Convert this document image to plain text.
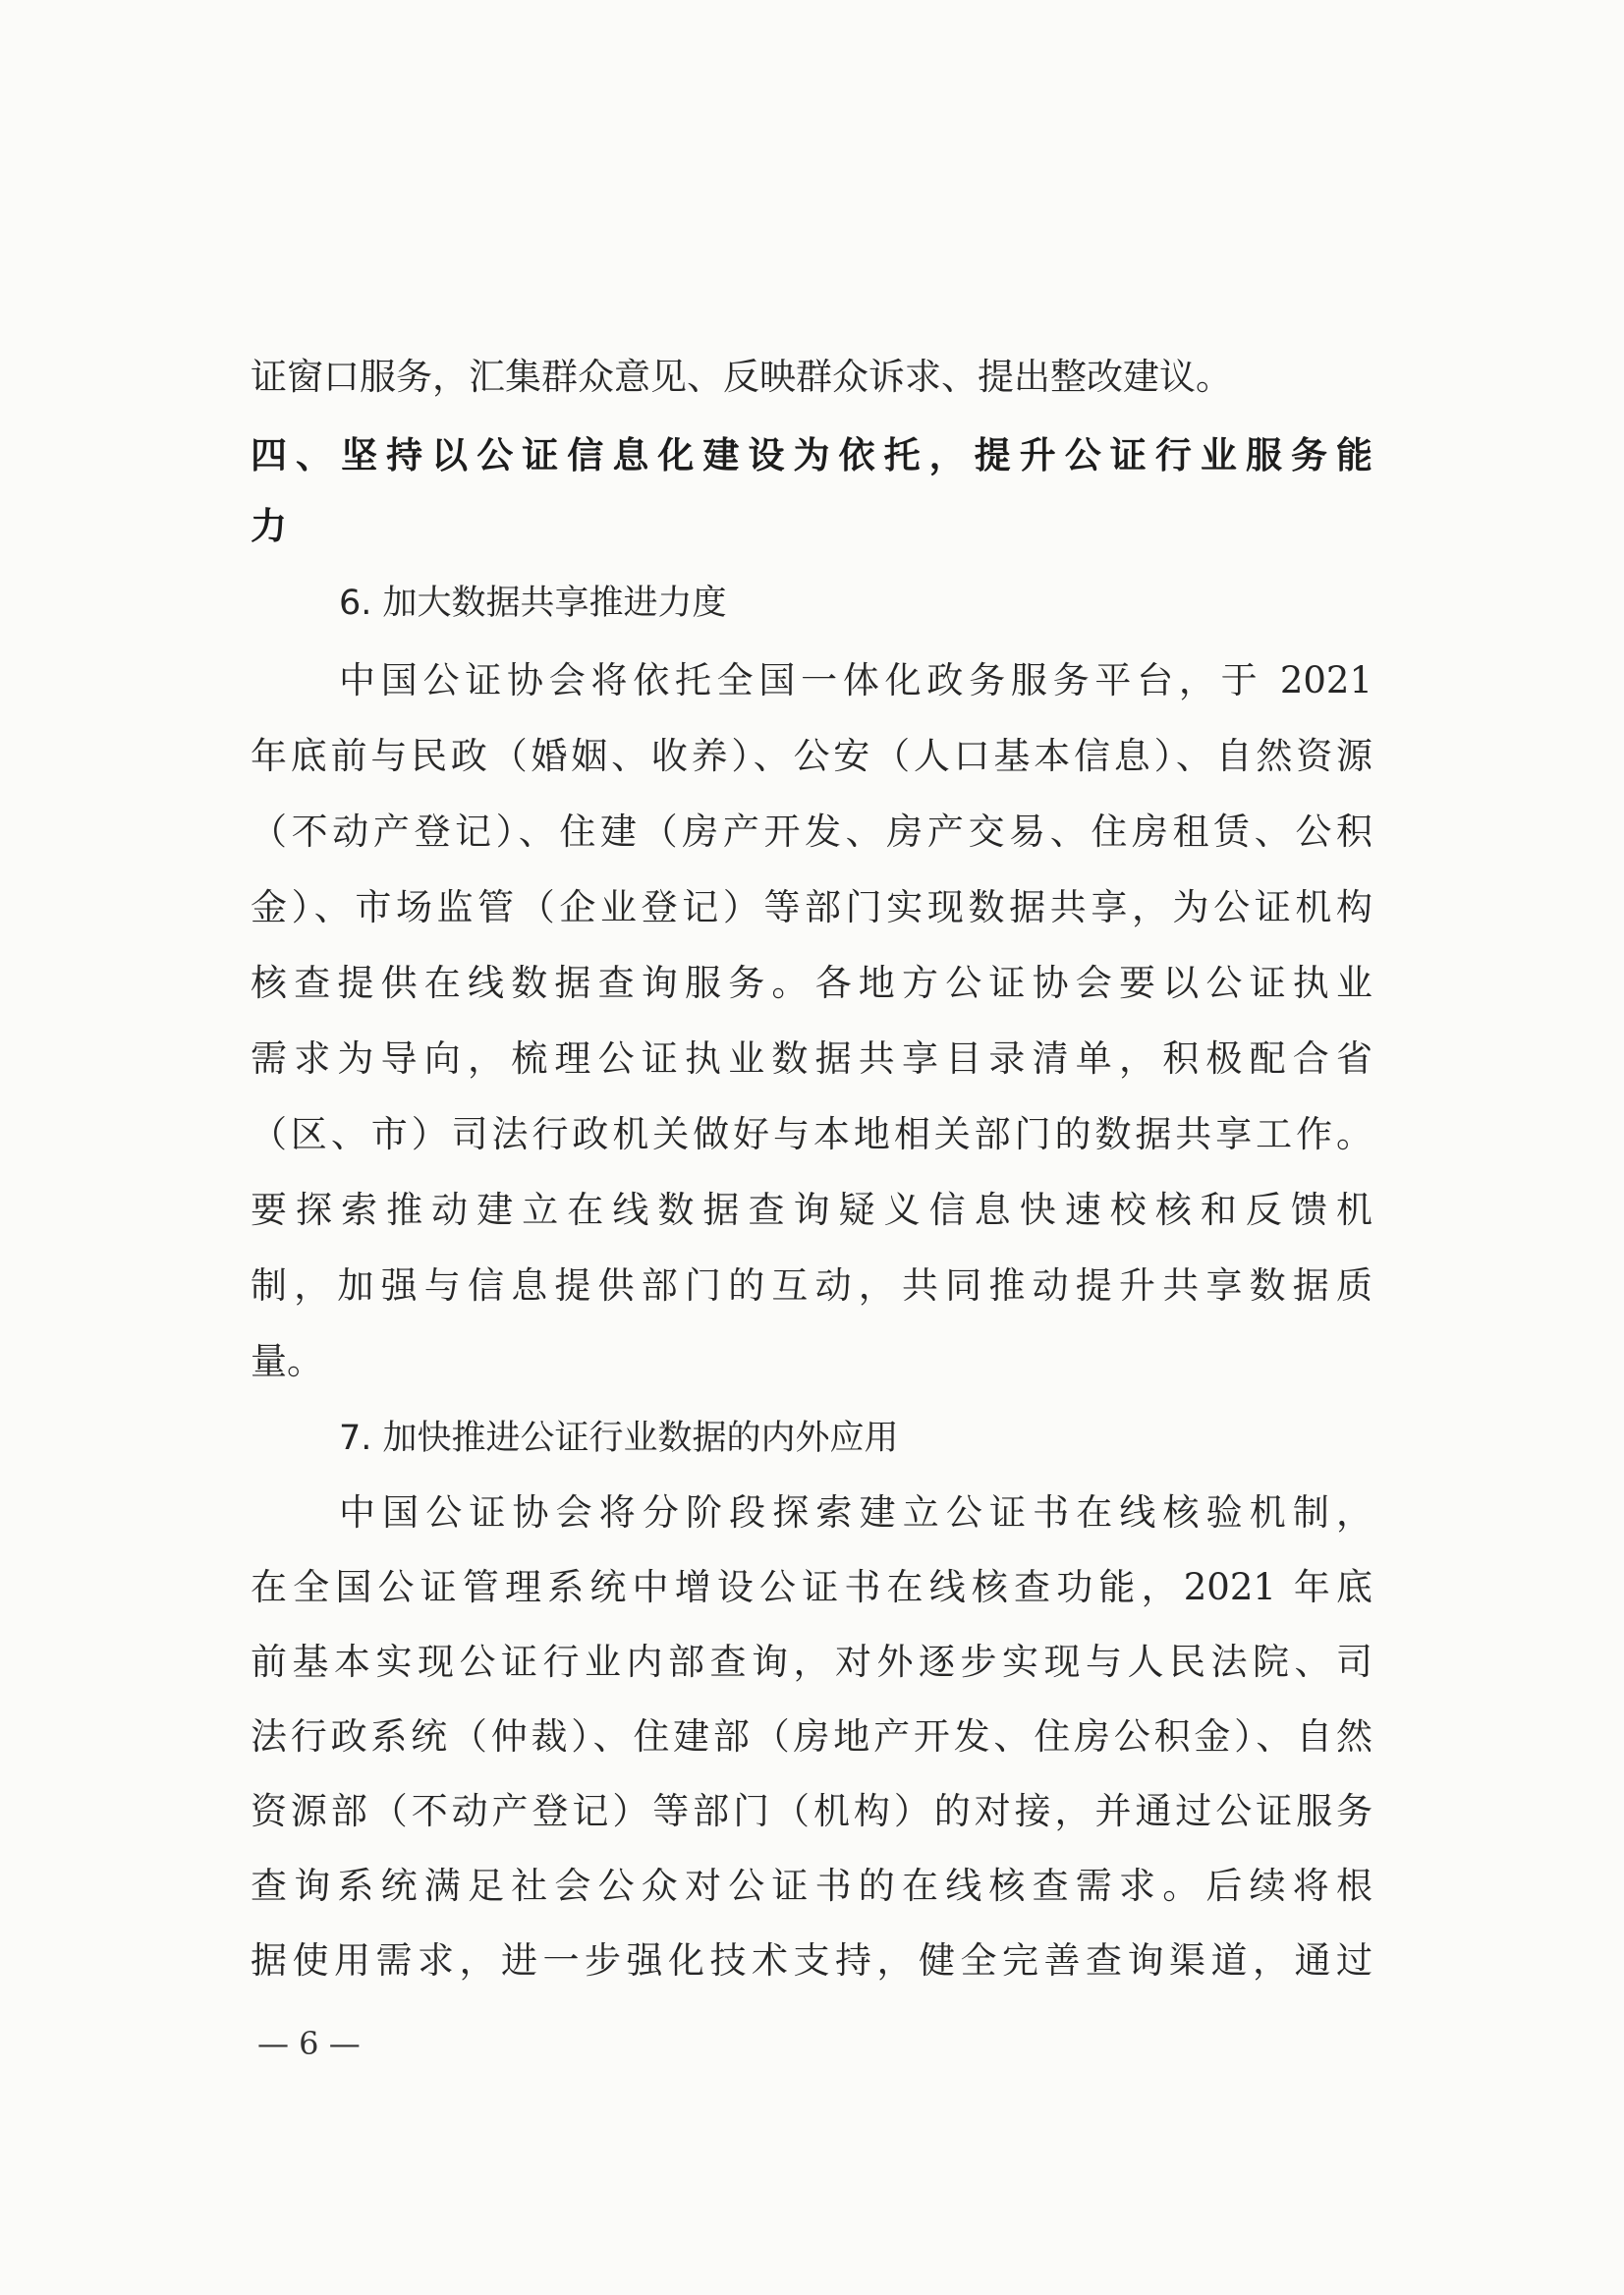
证窗口服务，汇集群众意见、反映群众诉求、提出整改建议。

四、坚持以公证信息化建设为依托，提升公证行业服务能

力

6. 加大数据共享推进力度

中国公证协会将依托全国一体化政务服务平台，于 2021

年底前与民政（婚姻、收养）、公安（人口基本信息）、自然资源

（不动产登记）、住建（房产开发、房产交易、住房租赁、公积

金）、市场监管（企业登记）等部门实现数据共享，为公证机构

核查提供在线数据查询服务。各地方公证协会要以公证执业

需求为导向，梳理公证执业数据共享目录清单，积极配合省

（区、市）司法行政机关做好与本地相关部门的数据共享工作。

要探索推动建立在线数据查询疑义信息快速校核和反馈机

制，加强与信息提供部门的互动，共同推动提升共享数据质

量。

7. 加快推进公证行业数据的内外应用

中国公证协会将分阶段探索建立公证书在线核验机制，

在全国公证管理系统中增设公证书在线核查功能，2021 年底

前基本实现公证行业内部查询，对外逐步实现与人民法院、司

法行政系统（仲裁）、住建部（房地产开发、住房公积金）、自然

资源部（不动产登记）等部门（机构）的对接，并通过公证服务

查询系统满足社会公众对公证书的在线核查需求。后续将根

据使用需求，进一步强化技术支持，健全完善查询渠道，通过

— 6 —
